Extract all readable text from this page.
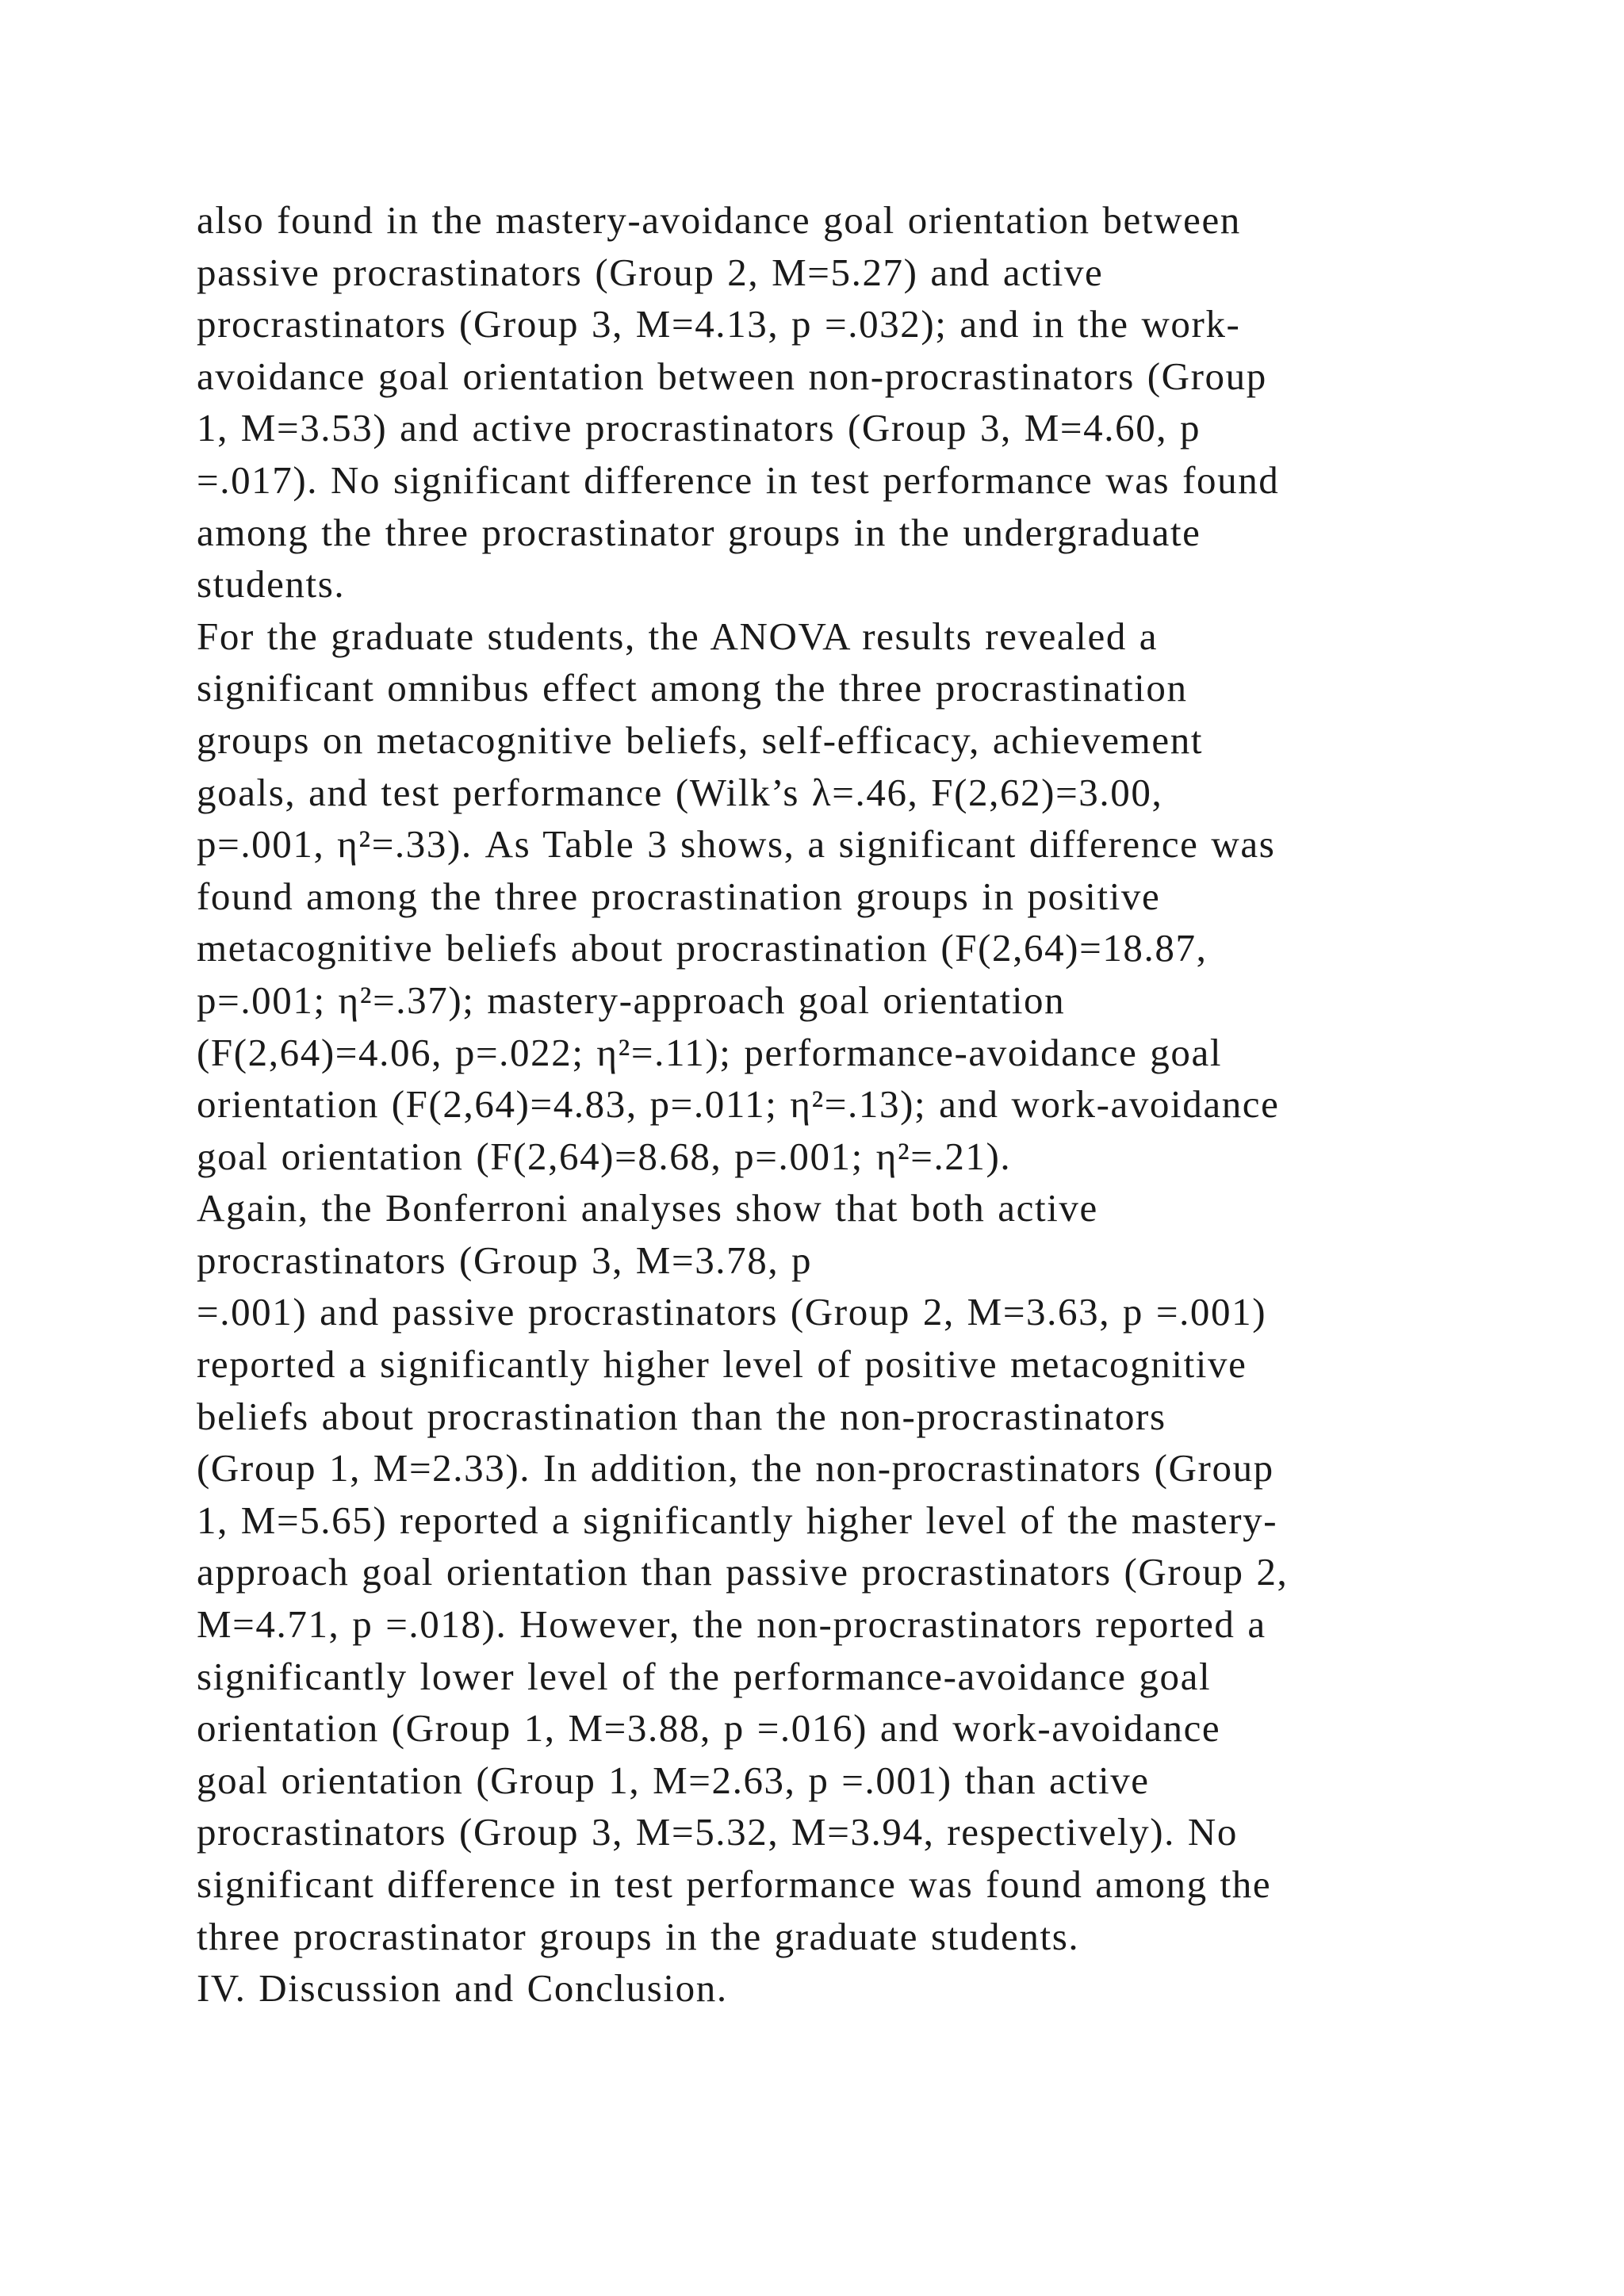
also found in the mastery-avoidance goal orientation between
passive procrastinators (Group 2, M=5.27) and active
procrastinators (Group 3, M=4.13, p =.032); and in the work-
avoidance goal orientation between non-procrastinators (Group
1, M=3.53) and active procrastinators (Group 3, M=4.60, p
=.017). No significant difference in test performance was found
among the three procrastinator groups in the undergraduate
students.
For the graduate students, the ANOVA results revealed a
significant omnibus effect among the three procrastination
groups on metacognitive beliefs, self-efficacy, achievement
goals, and test performance (Wilk’s λ=.46, F(2,62)=3.00,
p=.001, η²=.33). As Table 3 shows, a significant difference was
found among the three procrastination groups in positive
metacognitive beliefs about procrastination (F(2,64)=18.87,
p=.001; η²=.37); mastery-approach goal orientation
(F(2,64)=4.06, p=.022; η²=.11); performance-avoidance goal
orientation (F(2,64)=4.83, p=.011; η²=.13); and work-avoidance
goal orientation (F(2,64)=8.68, p=.001; η²=.21).
Again, the Bonferroni analyses show that both active
procrastinators (Group 3, M=3.78, p
=.001) and passive procrastinators (Group 2, M=3.63, p =.001)
reported a significantly higher level of positive metacognitive
beliefs about procrastination than the non-procrastinators
(Group 1, M=2.33). In addition, the non-procrastinators (Group
1, M=5.65) reported a significantly higher level of the mastery-
approach goal orientation than passive procrastinators (Group 2,
M=4.71, p =.018). However, the non-procrastinators reported a
significantly lower level of the performance-avoidance goal
orientation (Group 1, M=3.88, p =.016) and work-avoidance
goal orientation (Group 1, M=2.63, p =.001) than active
procrastinators (Group 3, M=5.32, M=3.94, respectively). No
significant difference in test performance was found among the
three procrastinator groups in the graduate students.
IV. Discussion and Conclusion.
